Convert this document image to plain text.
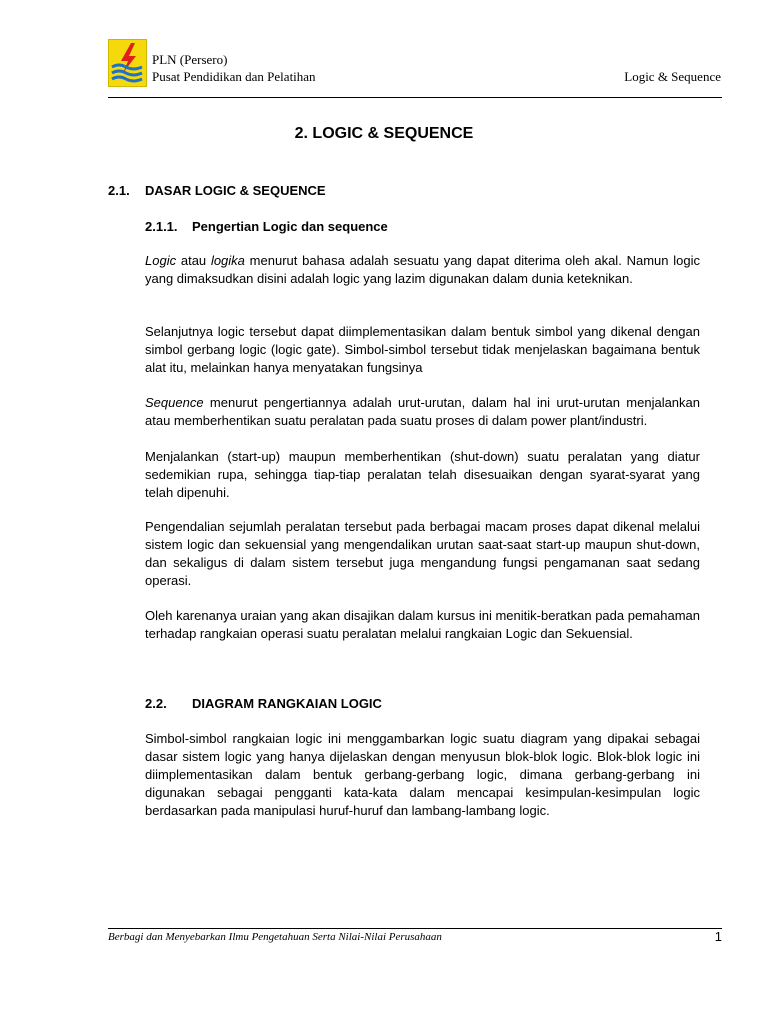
PLN (Persero)
Pusat Pendidikan dan Pelatihan	Logic & Sequence
2. LOGIC & SEQUENCE
2.1. DASAR LOGIC & SEQUENCE
2.1.1. Pengertian Logic dan sequence

Logic atau logika menurut bahasa adalah sesuatu yang dapat diterima oleh akal. Namun logic yang dimaksudkan disini adalah logic yang lazim digunakan dalam dunia keteknikan.

Selanjutnya logic tersebut dapat diimplementasikan dalam bentuk simbol yang dikenal dengan simbol gerbang logic (logic gate). Simbol-simbol tersebut tidak menjelaskan bagaimana bentuk alat itu, melainkan hanya menyatakan fungsinya

Sequence menurut pengertiannya adalah urut-urutan, dalam hal ini urut-urutan menjalankan atau memberhentikan suatu peralatan pada suatu proses di dalam power plant/industri.

Menjalankan (start-up) maupun memberhentikan (shut-down) suatu peralatan yang diatur sedemikian rupa, sehingga tiap-tiap peralatan telah disesuaikan dengan syarat-syarat yang telah dipenuhi.

Pengendalian sejumlah peralatan tersebut pada berbagai macam proses dapat dikenal melalui sistem logic dan sekuensial yang mengendalikan urutan saat-saat start-up maupun shut-down, dan sekaligus di dalam sistem tersebut juga mengandung fungsi pengamanan saat sedang operasi.

Oleh karenanya uraian yang akan disajikan dalam kursus ini menitik-beratkan pada pemahaman terhadap rangkaian operasi suatu peralatan melalui rangkaian Logic dan Sekuensial.

2.2. DIAGRAM RANGKAIAN LOGIC

Simbol-simbol rangkaian logic ini menggambarkan logic suatu diagram yang dipakai sebagai dasar sistem logic yang hanya dijelaskan dengan menyusun blok-blok logic. Blok-blok logic ini diimplementasikan dalam bentuk gerbang-gerbang logic, dimana gerbang-gerbang ini digunakan sebagai pengganti kata-kata dalam mencapai kesimpulan-kesimpulan logic berdasarkan pada manipulasi huruf-huruf dan lambang-lambang logic.

Berbagi dan Menyebarkan Ilmu Pengetahuan Serta Nilai-Nilai Perusahaan	1
